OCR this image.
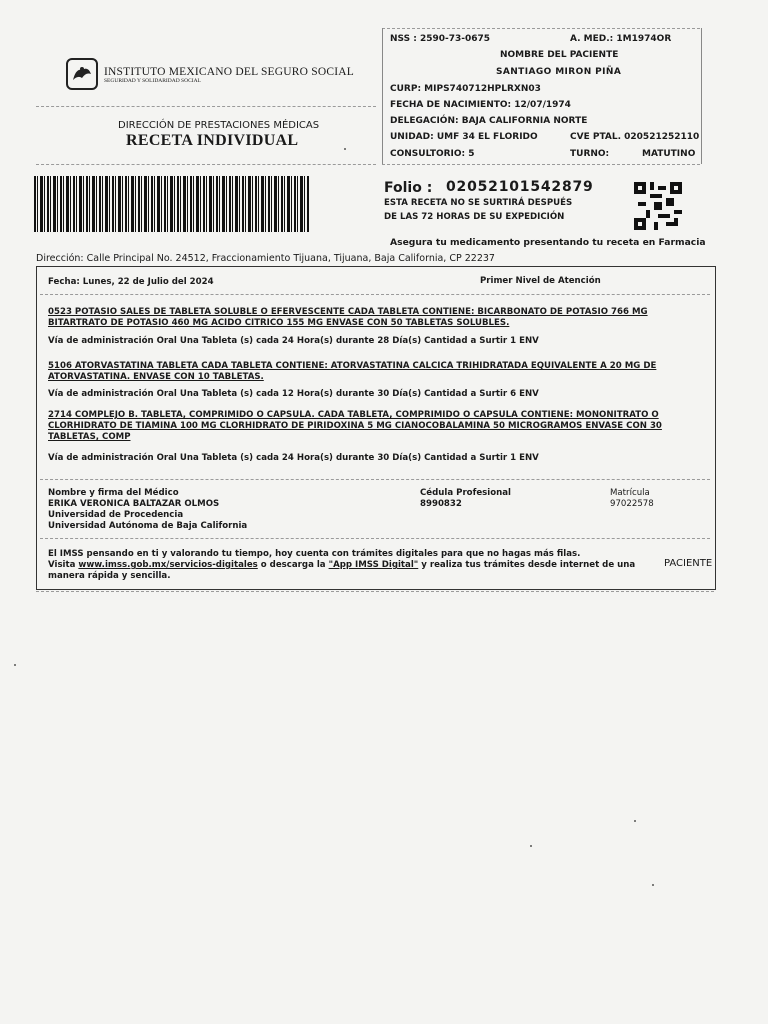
INSTITUTO MEXICANO DEL SEGURO SOCIAL
SEGURIDAD Y SOLIDARIDAD SOCIAL
DIRECCIÓN DE PRESTACIONES MÉDICAS
RECETA INDIVIDUAL
NSS : 2590-73-0675	A. MED.: 1M1974OR
NOMBRE DEL PACIENTE
SANTIAGO MIRON PIÑA
CURP: MIPS740712HPLRXN03
FECHA DE NACIMIENTO: 12/07/1974
DELEGACIÓN: BAJA CALIFORNIA NORTE
UNIDAD: UMF 34 EL FLORIDO	CVE PTAL. 020521252110
CONSULTORIO: 5	TURNO:	MATUTINO
Folio : 02052101542879
ESTA RECETA NO SE SURTIRÁ DESPUÉS
DE LAS 72 HORAS DE SU EXPEDICIÓN
Asegura tu medicamento presentando tu receta en Farmacia
Dirección: Calle Principal No. 24512, Fraccionamiento Tijuana, Tijuana, Baja California, CP 22237
Fecha: Lunes, 22 de Julio del 2024	Primer Nivel de Atención
0523 POTASIO SALES DE TABLETA SOLUBLE O EFERVESCENTE CADA TABLETA CONTIENE: BICARBONATO DE POTASIO 766 MG
BITARTRATO DE POTASIO 460 MG ACIDO CITRICO 155 MG ENVASE CON 50 TABLETAS SOLUBLES.
Vía de administración Oral Una Tableta (s) cada 24 Hora(s) durante 28 Día(s) Cantidad a Surtir 1 ENV
5106 ATORVASTATINA TABLETA CADA TABLETA CONTIENE: ATORVASTATINA CALCICA TRIHIDRATADA EQUIVALENTE A 20 MG DE
ATORVASTATINA. ENVASE CON 10 TABLETAS.
Vía de administración Oral Una Tableta (s) cada 12 Hora(s) durante 30 Día(s) Cantidad a Surtir 6 ENV
2714 COMPLEJO B. TABLETA, COMPRIMIDO O CAPSULA. CADA TABLETA, COMPRIMIDO O CAPSULA CONTIENE: MONONITRATO O
CLORHIDRATO DE TIAMINA 100 MG CLORHIDRATO DE PIRIDOXINA 5 MG CIANOCOBALAMINA 50 MICROGRAMOS ENVASE CON 30
TABLETAS, COMP
Vía de administración Oral Una Tableta (s) cada 24 Hora(s) durante 30 Día(s) Cantidad a Surtir 1 ENV
Nombre y firma del Médico
ERIKA VERONICA BALTAZAR OLMOS
Universidad de Procedencia
Universidad Autónoma de Baja California
Cédula Profesional
8990832
Matrícula
97022578
El IMSS pensando en ti y valorando tu tiempo, hoy cuenta con trámites digitales para que no hagas más filas.
Visita www.imss.gob.mx/servicios-digitales o descarga la "App IMSS Digital" y realiza tus trámites desde internet de una
manera rápida y sencilla.
PACIENTE
